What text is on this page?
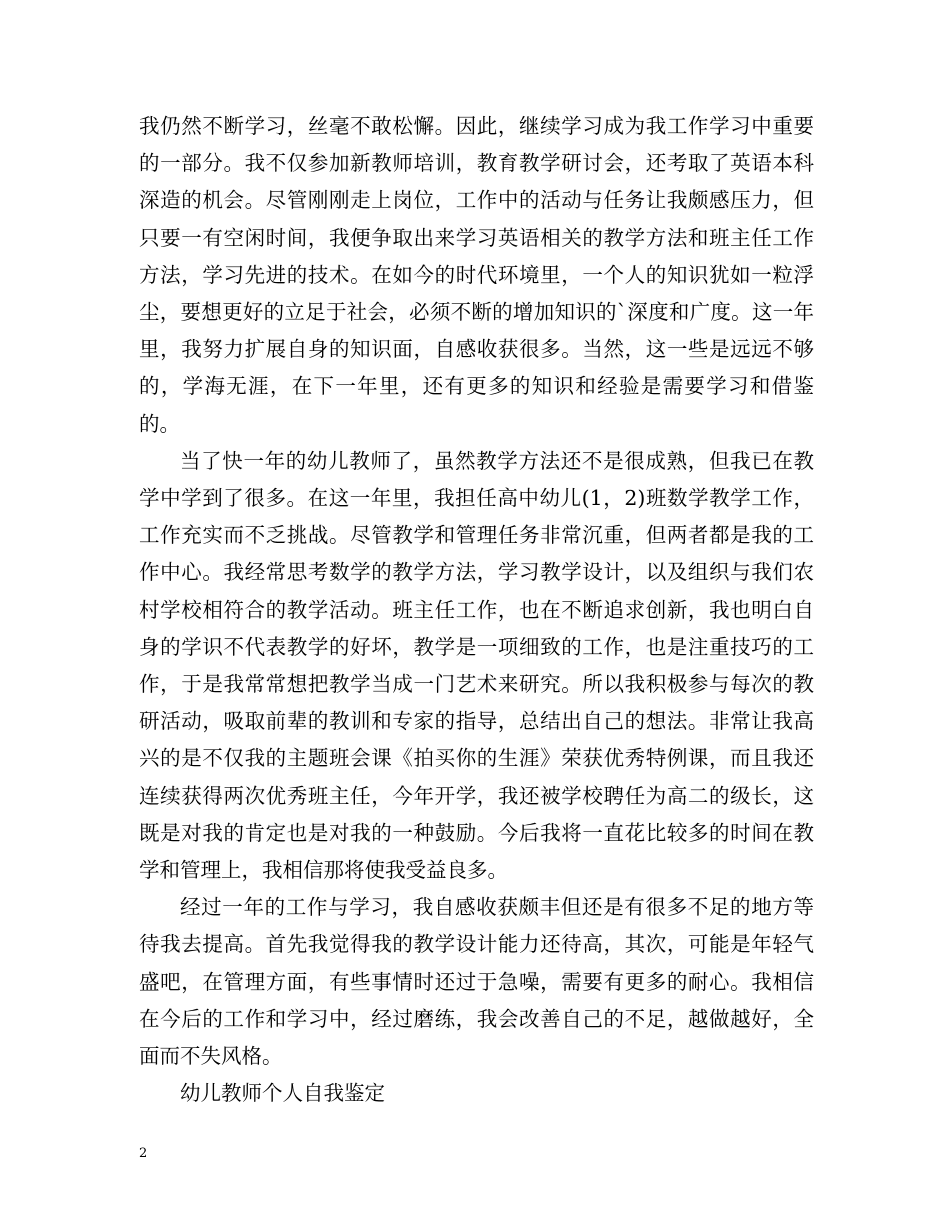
我仍然不断学习，丝毫不敢松懈。因此，继续学习成为我工作学习中重要的一部分。我不仅参加新教师培训，教育教学研讨会，还考取了英语本科深造的机会。尽管刚刚走上岗位，工作中的活动与任务让我颇感压力，但只要一有空闲时间，我便争取出来学习英语相关的教学方法和班主任工作方法，学习先进的技术。在如今的时代环境里，一个人的知识犹如一粒浮尘，要想更好的立足于社会，必须不断的增加知识的`深度和广度。这一年里，我努力扩展自身的知识面，自感收获很多。当然，这一些是远远不够的，学海无涯，在下一年里，还有更多的知识和经验是需要学习和借鉴的。

当了快一年的幼儿教师了，虽然教学方法还不是很成熟，但我已在教学中学到了很多。在这一年里，我担任高中幼儿(1，2)班数学教学工作，工作充实而不乏挑战。尽管教学和管理任务非常沉重，但两者都是我的工作中心。我经常思考数学的教学方法，学习教学设计，以及组织与我们农村学校相符合的教学活动。班主任工作，也在不断追求创新，我也明白自身的学识不代表教学的好坏，教学是一项细致的工作，也是注重技巧的工作，于是我常常想把教学当成一门艺术来研究。所以我积极参与每次的教研活动，吸取前辈的教训和专家的指导，总结出自己的想法。非常让我高兴的是不仅我的主题班会课《拍买你的生涯》荣获优秀特例课，而且我还连续获得两次优秀班主任，今年开学，我还被学校聘任为高二的级长，这既是对我的肯定也是对我的一种鼓励。今后我将一直花比较多的时间在教学和管理上，我相信那将使我受益良多。

经过一年的工作与学习，我自感收获颇丰但还是有很多不足的地方等待我去提高。首先我觉得我的教学设计能力还待高，其次，可能是年轻气盛吧，在管理方面，有些事情时还过于急噪，需要有更多的耐心。我相信在今后的工作和学习中，经过磨练，我会改善自己的不足，越做越好，全面而不失风格。

幼儿教师个人自我鉴定

2
